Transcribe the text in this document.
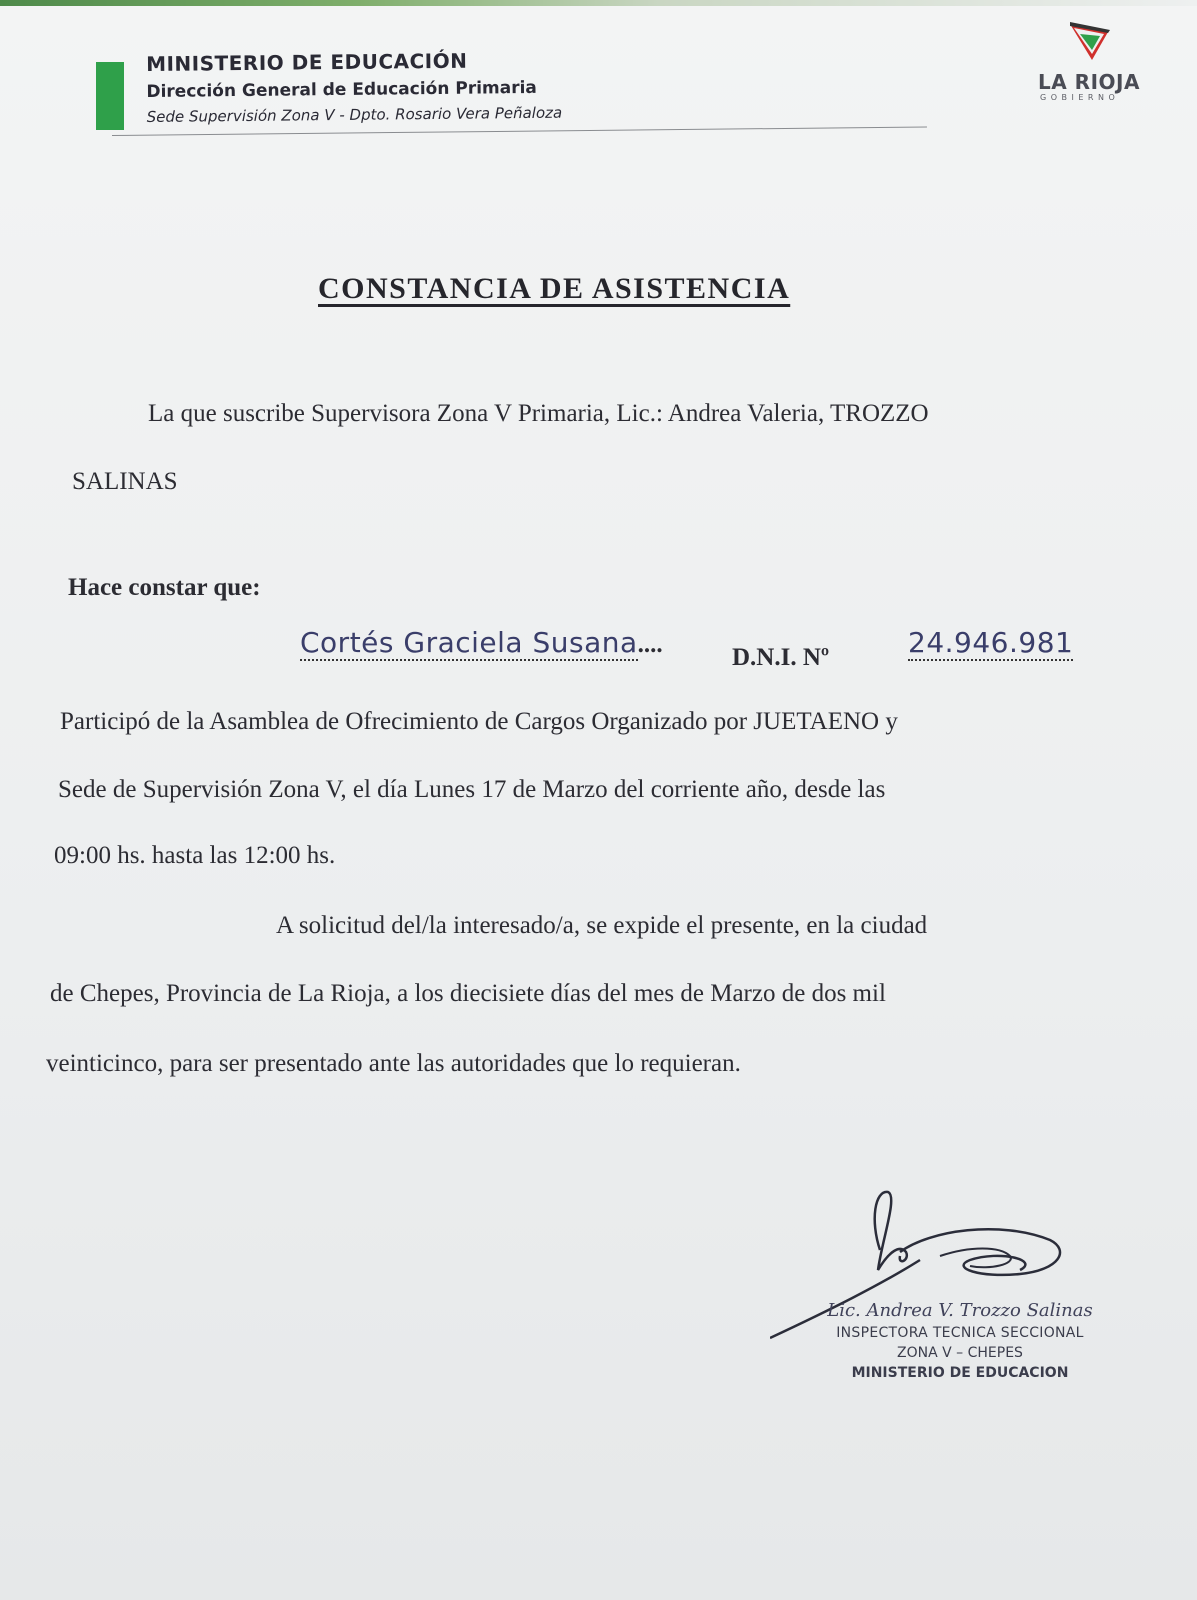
MINISTERIO DE EDUCACIÓN
Dirección General de Educación Primaria
Sede Supervisión Zona V - Dpto. Rosario Vera Peñaloza
LA RIOJA
GOBIERNO
CONSTANCIA DE ASISTENCIA
La que suscribe Supervisora Zona V Primaria, Lic.: Andrea Valeria, TROZZO
SALINAS
Hace constar que:
Cortés Graciela Susana....	D.N.I. Nº	24.946.981
Participó de la Asamblea de Ofrecimiento de Cargos Organizado por JUETAENO y
Sede de Supervisión Zona V, el día Lunes 17 de Marzo del corriente año, desde las
09:00 hs. hasta las 12:00 hs.
A solicitud del/la interesado/a, se expide el presente, en la ciudad
de Chepes, Provincia de La Rioja, a los diecisiete días del mes de Marzo de dos mil
veinticinco, para ser presentado ante las autoridades que lo requieran.
Lic. Andrea V. Trozzo Salinas
INSPECTORA TECNICA SECCIONAL
ZONA V – CHEPES
MINISTERIO DE EDUCACION
